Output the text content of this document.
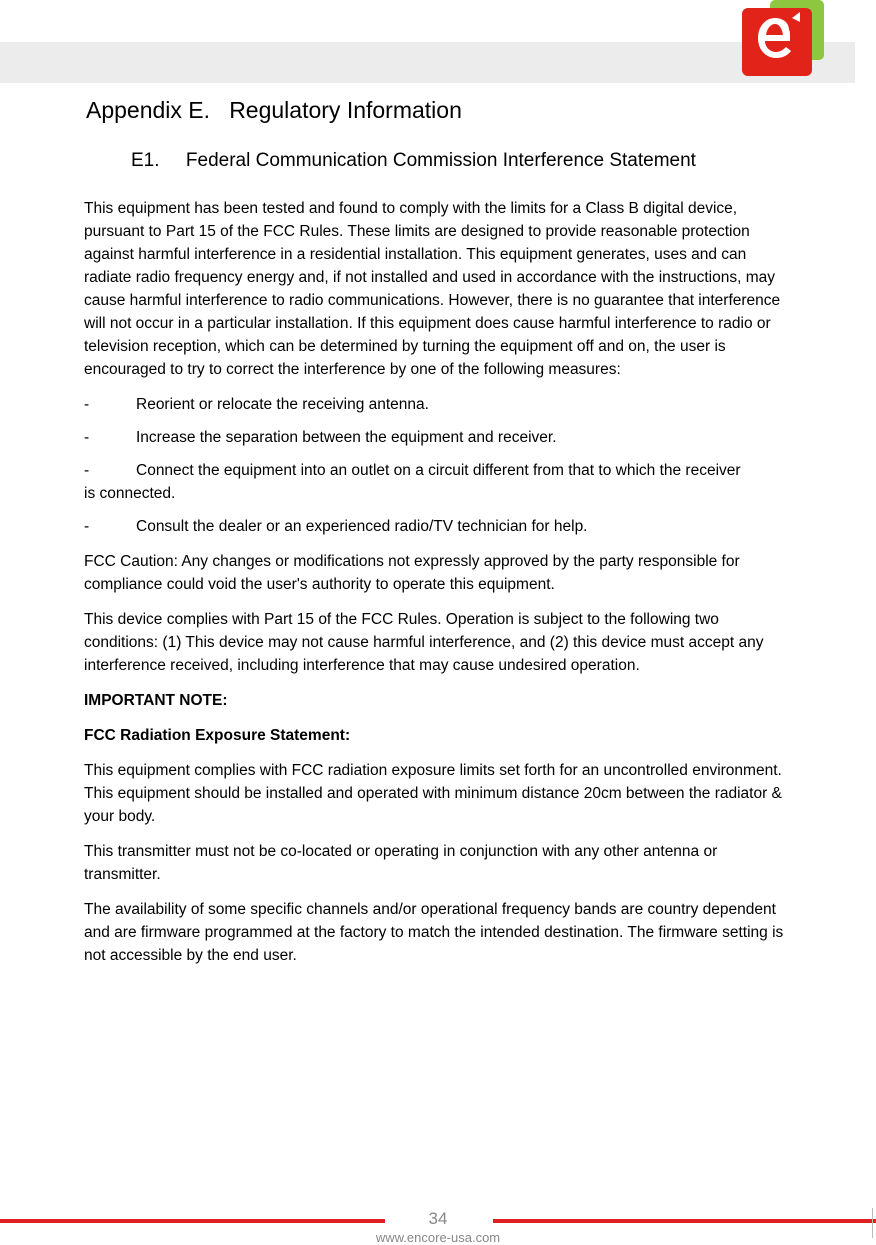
Appendix E.   Regulatory Information
E1.     Federal Communication Commission Interference Statement

This equipment has been tested and found to comply with the limits for a Class B digital device, pursuant to Part 15 of the FCC Rules. These limits are designed to provide reasonable protection against harmful interference in a residential installation. This equipment generates, uses and can radiate radio frequency energy and, if not installed and used in accordance with the instructions, may cause harmful interference to radio communications. However, there is no guarantee that interference will not occur in a particular installation. If this equipment does cause harmful interference to radio or television reception, which can be determined by turning the equipment off and on, the user is encouraged to try to correct the interference by one of the following measures:

-	Reorient or relocate the receiving antenna.

-	Increase the separation between the equipment and receiver.

-	Connect the equipment into an outlet on a circuit different from that to which the receiver

is connected.

-	Consult the dealer or an experienced radio/TV technician for help.

FCC Caution: Any changes or modifications not expressly approved by the party responsible for compliance could void the user's authority to operate this equipment.

This device complies with Part 15 of the FCC Rules. Operation is subject to the following two conditions: (1) This device may not cause harmful interference, and (2) this device must accept any interference received, including interference that may cause undesired operation.

IMPORTANT NOTE:

FCC Radiation Exposure Statement:

This equipment complies with FCC radiation exposure limits set forth for an uncontrolled environment. This equipment should be installed and operated with minimum distance 20cm between the radiator & your body.

This transmitter must not be co-located or operating in conjunction with any other antenna or transmitter.

The availability of some specific channels and/or operational frequency bands are country dependent and are firmware programmed at the factory to match the intended destination. The firmware setting is not accessible by the end user.

34
www.encore-usa.com
